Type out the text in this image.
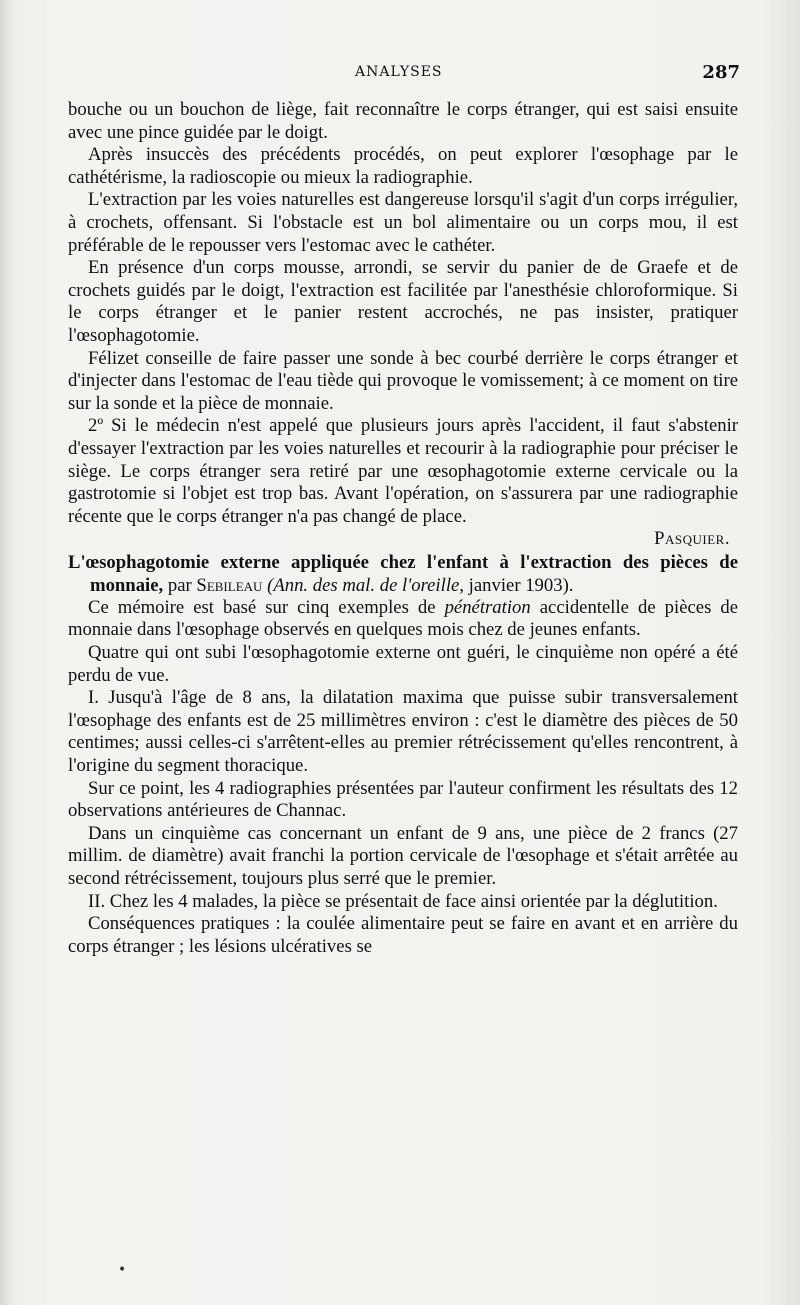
ANALYSES	287

bouche ou un bouchon de liège, fait reconnaître le corps étranger, qui est saisi ensuite avec une pince guidée par le doigt.

Après insuccès des précédents procédés, on peut explorer l'œsophage par le cathétérisme, la radioscopie ou mieux la radiographie.

L'extraction par les voies naturelles est dangereuse lorsqu'il s'agit d'un corps irrégulier, à crochets, offensant. Si l'obstacle est un bol alimentaire ou un corps mou, il est préférable de le repousser vers l'estomac avec le cathéter.

En présence d'un corps mousse, arrondi, se servir du panier de de Graefe et de crochets guidés par le doigt, l'extraction est facilitée par l'anesthésie chloroformique. Si le corps étranger et le panier restent accrochés, ne pas insister, pratiquer l'œsophagotomie.

Félizet conseille de faire passer une sonde à bec courbé derrière le corps étranger et d'injecter dans l'estomac de l'eau tiède qui provoque le vomissement; à ce moment on tire sur la sonde et la pièce de monnaie.

2º Si le médecin n'est appelé que plusieurs jours après l'accident, il faut s'abstenir d'essayer l'extraction par les voies naturelles et recourir à la radiographie pour préciser le siège. Le corps étranger sera retiré par une œsophagotomie externe cervicale ou la gastrotomie si l'objet est trop bas. Avant l'opération, on s'assurera par une radiographie récente que le corps étranger n'a pas changé de place.

Pasquier.

L'œsophagotomie externe appliquée chez l'enfant à l'extraction des pièces de monnaie, par Sebileau (Ann. des mal. de l'oreille, janvier 1903).

Ce mémoire est basé sur cinq exemples de pénétration accidentelle de pièces de monnaie dans l'œsophage observés en quelques mois chez de jeunes enfants.

Quatre qui ont subi l'œsophagotomie externe ont guéri, le cinquième non opéré a été perdu de vue.

I. Jusqu'à l'âge de 8 ans, la dilatation maxima que puisse subir transversalement l'œsophage des enfants est de 25 millimètres environ : c'est le diamètre des pièces de 50 centimes; aussi celles-ci s'arrêtent-elles au premier rétrécissement qu'elles rencontrent, à l'origine du segment thoracique.

Sur ce point, les 4 radiographies présentées par l'auteur confirment les résultats des 12 observations antérieures de Channac.

Dans un cinquième cas concernant un enfant de 9 ans, une pièce de 2 francs (27 millim. de diamètre) avait franchi la portion cervicale de l'œsophage et s'était arrêtée au second rétrécissement, toujours plus serré que le premier.

II. Chez les 4 malades, la pièce se présentait de face ainsi orientée par la déglutition.

Conséquences pratiques : la coulée alimentaire peut se faire en avant et en arrière du corps étranger ; les lésions ulcératives se

•
